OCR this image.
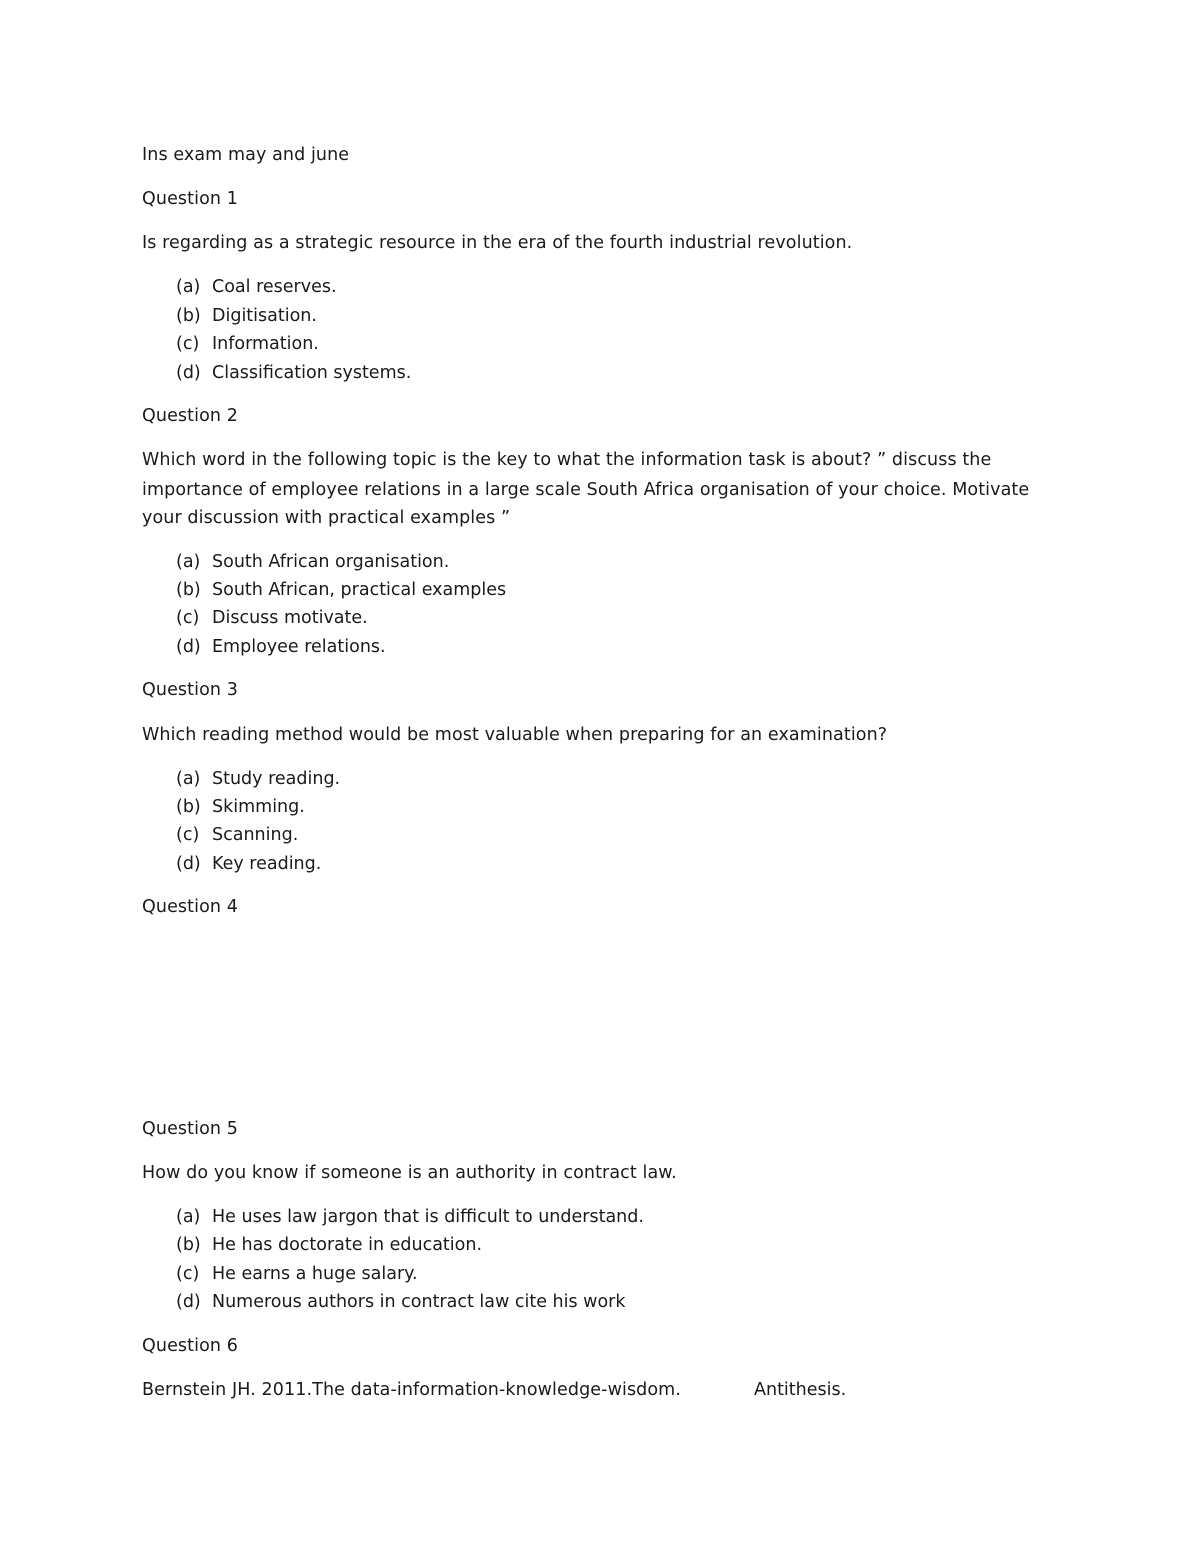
Ins exam may and june
Question 1
Is regarding as a strategic resource in the era of the fourth industrial revolution.
(a) Coal reserves.
(b) Digitisation.
(c) Information.
(d) Classification systems.
Question 2
Which word in the following topic is the key to what the information task is about? ” discuss the
importance of employee relations in a large scale South Africa organisation of your choice. Motivate
your discussion with practical examples ”
(a) South African organisation.
(b) South African, practical examples
(c) Discuss motivate.
(d) Employee relations.
Question 3
Which reading method would be most valuable when preparing for an examination?
(a) Study reading.
(b) Skimming.
(c) Scanning.
(d) Key reading.
Question 4
Question 5
How do you know if someone is an authority in contract law.
(a) He uses law jargon that is difficult to understand.
(b) He has doctorate in education.
(c) He earns a huge salary.
(d) Numerous authors in contract law cite his work
Question 6
Bernstein JH. 2011.The data-information-knowledge-wisdom.	Antithesis.
